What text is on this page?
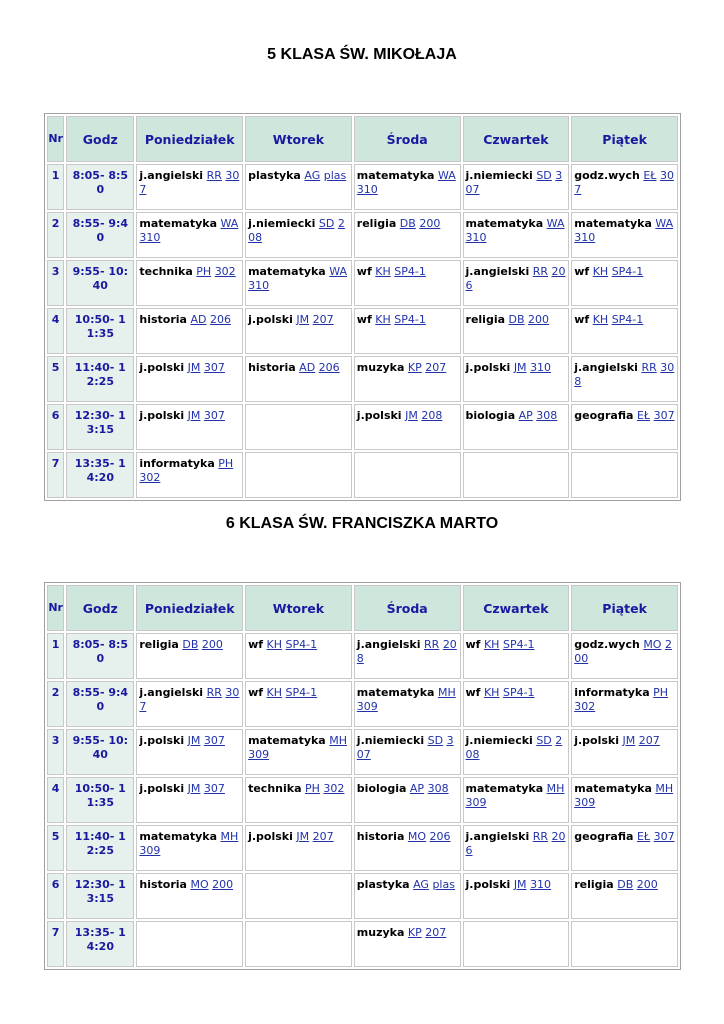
5 KLASA ŚW. MIKOŁAJA
Nr	Godz	Poniedziałek	Wtorek	Środa	Czwartek	Piątek
1	8:05- 8:50	j.angielski RR 307	plastyka AG plas	matematyka WA 310	j.niemiecki SD 307	godz.wych EŁ 307
2	8:55- 9:40	matematyka WA 310	j.niemiecki SD 208	religia DB 200	matematyka WA 310	matematyka WA 310
3	9:55- 10:40	technika PH 302	matematyka WA 310	wf KH SP4-1	j.angielski RR 206	wf KH SP4-1
4	10:50- 11:35	historia AD 206	j.polski JM 207	wf KH SP4-1	religia DB 200	wf KH SP4-1
5	11:40- 12:25	j.polski JM 307	historia AD 206	muzyka KP 207	j.polski JM 310	j.angielski RR 308
6	12:30- 13:15	j.polski JM 307		j.polski JM 208	biologia AP 308	geografia EŁ 307
7	13:35- 14:20	informatyka PH 302				
6 KLASA ŚW. FRANCISZKA MARTO
Nr	Godz	Poniedziałek	Wtorek	Środa	Czwartek	Piątek
1	8:05- 8:50	religia DB 200	wf KH SP4-1	j.angielski RR 208	wf KH SP4-1	godz.wych MO 200
2	8:55- 9:40	j.angielski RR 307	wf KH SP4-1	matematyka MH 309	wf KH SP4-1	informatyka PH 302
3	9:55- 10:40	j.polski JM 307	matematyka MH 309	j.niemiecki SD 307	j.niemiecki SD 208	j.polski JM 207
4	10:50- 11:35	j.polski JM 307	technika PH 302	biologia AP 308	matematyka MH 309	matematyka MH 309
5	11:40- 12:25	matematyka MH 309	j.polski JM 207	historia MO 206	j.angielski RR 206	geografia EŁ 307
6	12:30- 13:15	historia MO 200		plastyka AG plas	j.polski JM 310	religia DB 200
7	13:35- 14:20			muzyka KP 207		
